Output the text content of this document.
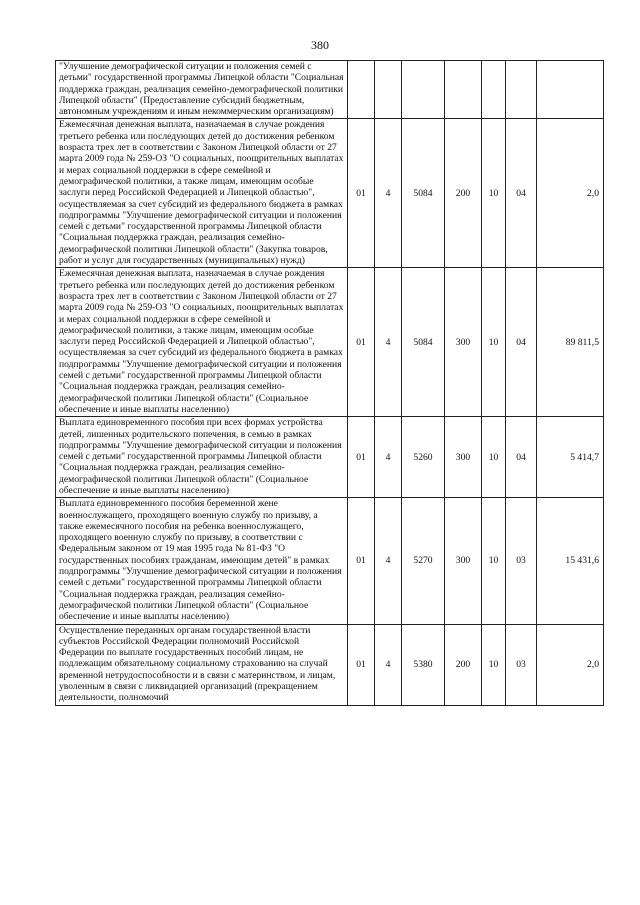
380
"Улучшение демографической ситуации и положения семей с детьми" государственной программы Липецкой области "Социальная поддержка граждан, реализация семейно-демографической политики Липецкой области" (Предоставление субсидий бюджетным, автономным учреждениям и иным некоммерческим организациям)							
Ежемесячная денежная выплата, назначаемая в случае рождения третьего ребенка или последующих детей до достижения ребенком возраста трех лет в соответствии с Законом Липецкой области от 27 марта 2009 года № 259-ОЗ "О социальных, поощрительных выплатах и мерах социальной поддержки в сфере семейной и демографической политики, а также лицам, имеющим особые заслуги перед Российской Федерацией и Липецкой областью", осуществляемая за счет субсидий из федерального бюджета в рамках подпрограммы "Улучшение демографической ситуации и положения семей с детьми" государственной программы Липецкой области "Социальная поддержка граждан, реализация семейно-демографической политики Липецкой области" (Закупка товаров, работ и услуг для государственных (муниципальных) нужд)	01	4	5084	200	10	04	2,0
Ежемесячная денежная выплата, назначаемая в случае рождения третьего ребенка или последующих детей до достижения ребенком возраста трех лет в соответствии с Законом Липецкой области от 27 марта 2009 года № 259-ОЗ "О социальных, поощрительных выплатах и мерах социальной поддержки в сфере семейной и демографической политики, а также лицам, имеющим особые заслуги перед Российской Федерацией и Липецкой областью", осуществляемая за счет субсидий из федерального бюджета в рамках подпрограммы "Улучшение демографической ситуации и положения семей с детьми" государственной программы Липецкой области "Социальная поддержка граждан, реализация семейно-демографической политики Липецкой области" (Социальное обеспечение и иные выплаты населению)	01	4	5084	300	10	04	89 811,5
Выплата единовременного пособия при всех формах устройства детей, лишенных родительского попечения, в семью в рамках подпрограммы "Улучшение демографической ситуации и положения семей с детьми" государственной программы Липецкой области "Социальная поддержка граждан, реализация семейно-демографической политики Липецкой области" (Социальное обеспечение и иные выплаты населению)	01	4	5260	300	10	04	5 414,7
Выплата единовременного пособия беременной жене военнослужащего, проходящего военную службу по призыву, а также ежемесячного пособия на ребенка военнослужащего, проходящего военную службу по призыву, в соответствии с Федеральным законом от 19 мая 1995 года № 81-ФЗ "О государственных пособиях гражданам, имеющим детей" в рамках подпрограммы "Улучшение демографической ситуации и положения семей с детьми" государственной программы Липецкой области "Социальная поддержка граждан, реализация семейно-демографической политики Липецкой области" (Социальное обеспечение и иные выплаты населению)	01	4	5270	300	10	03	15 431,6
Осуществление переданных органам государственной власти субъектов Российской Федерации полномочий Российской Федерации по выплате государственных пособий лицам, не подлежащим обязательному социальному страхованию на случай временной нетрудоспособности и в связи с материнством, и лицам, уволенным в связи с ликвидацией организаций (прекращением деятельности, полномочий	01	4	5380	200	10	03	2,0
